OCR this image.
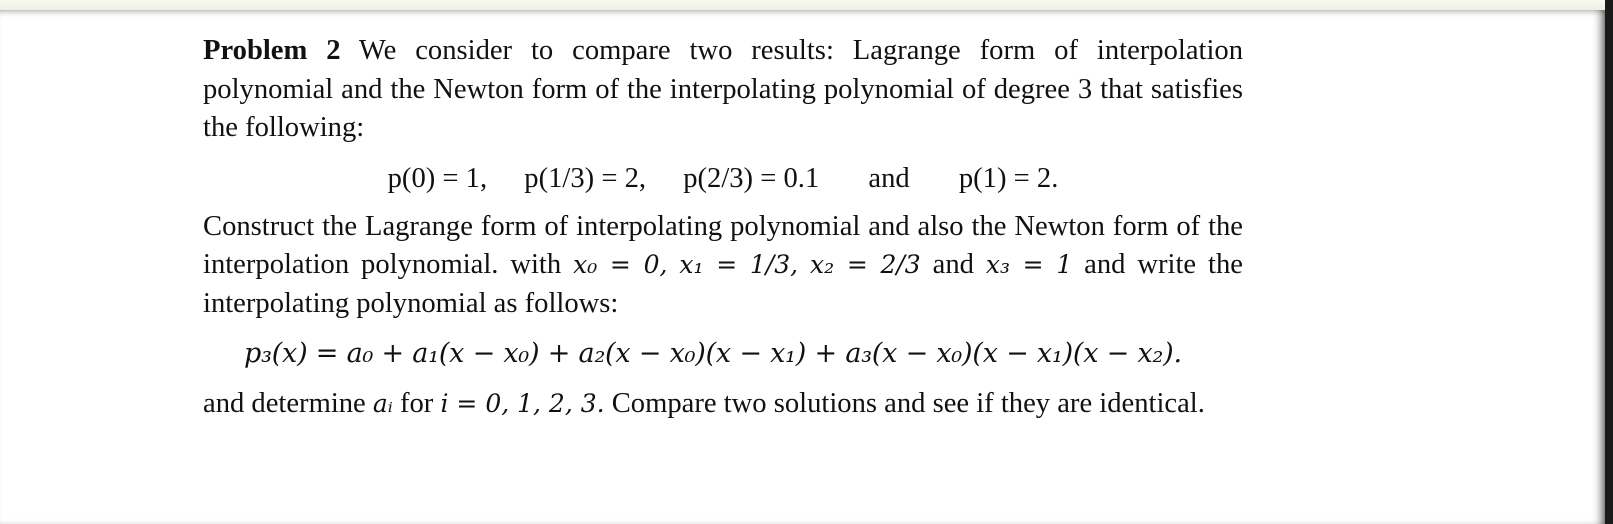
Problem 2 We consider to compare two results: Lagrange form of interpolation polynomial and the Newton form of the interpolating polynomial of degree 3 that satisfies the following:
p(0) = 1, p(1/3) = 2, p(2/3) = 0.1 and p(1) = 2.
Construct the Lagrange form of interpolating polynomial and also the Newton form of the interpolation polynomial. with x₀ = 0, x₁ = 1/3, x₂ = 2/3 and x₃ = 1 and write the interpolating polynomial as follows:
p₃(x) = a₀ + a₁(x − x₀) + a₂(x − x₀)(x − x₁) + a₃(x − x₀)(x − x₁)(x − x₂).
and determine aᵢ for i = 0, 1, 2, 3. Compare two solutions and see if they are identical.
